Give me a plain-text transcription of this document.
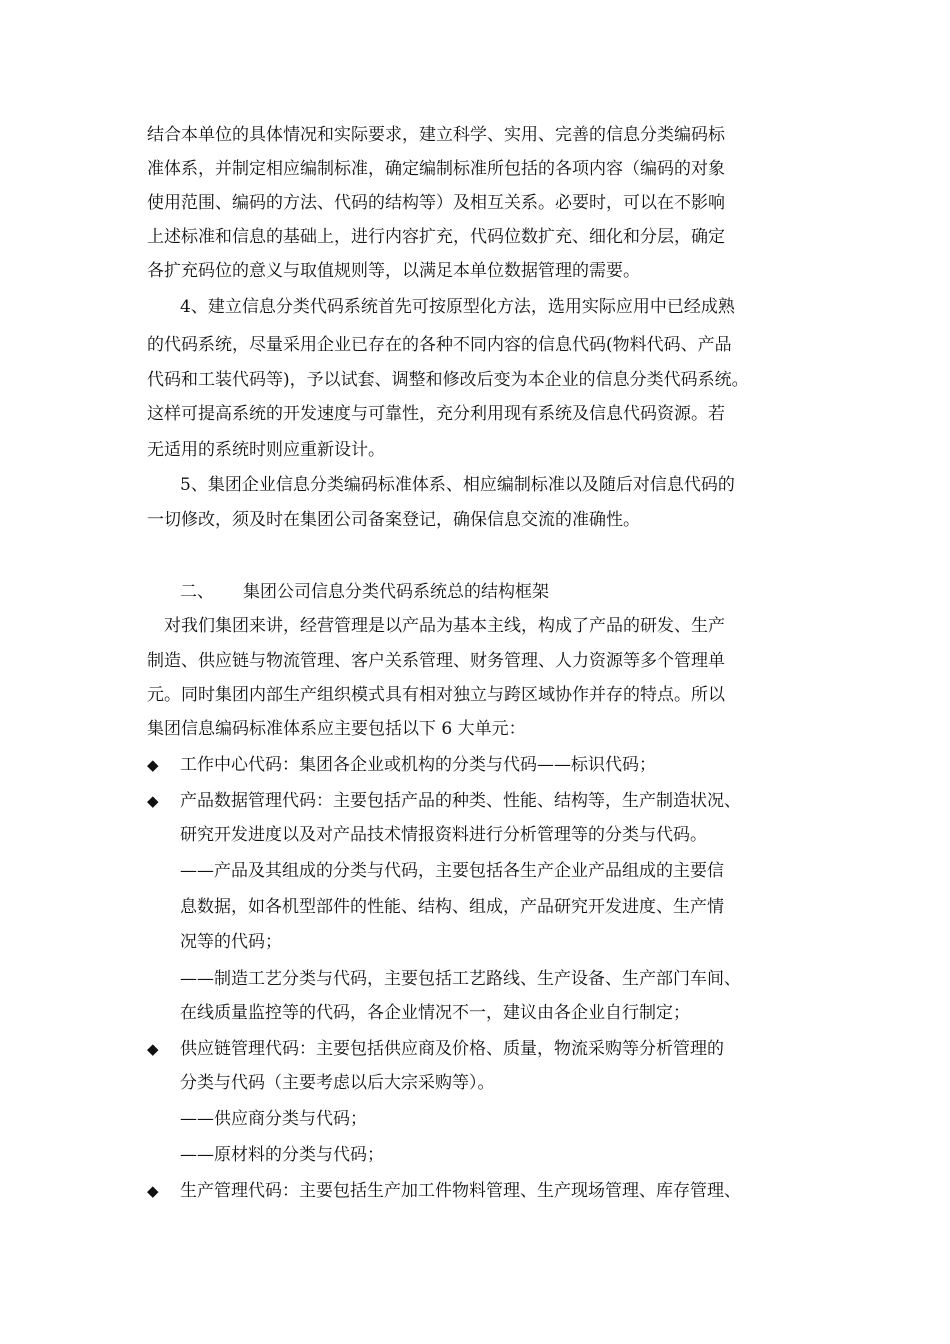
结合本单位的具体情况和实际要求，建立科学、实用、完善的信息分类编码标
准体系，并制定相应编制标准，确定编制标准所包括的各项内容（编码的对象
使用范围、编码的方法、代码的结构等）及相互关系。必要时，可以在不影响
上述标准和信息的基础上，进行内容扩充，代码位数扩充、细化和分层，确定
各扩充码位的意义与取值规则等，以满足本单位数据管理的需要。
4、建立信息分类代码系统首先可按原型化方法，选用实际应用中已经成熟
的代码系统，尽量采用企业已存在的各种不同内容的信息代码(物料代码、产品
代码和工装代码等)，予以试套、调整和修改后变为本企业的信息分类代码系统。
这样可提高系统的开发速度与可靠性，充分利用现有系统及信息代码资源。若
无适用的系统时则应重新设计。
5、集团企业信息分类编码标准体系、相应编制标准以及随后对信息代码的
一切修改，须及时在集团公司备案登记，确保信息交流的准确性。
二、 集团公司信息分类代码系统总的结构框架
对我们集团来讲，经营管理是以产品为基本主线，构成了产品的研发、生产
制造、供应链与物流管理、客户关系管理、财务管理、人力资源等多个管理单
元。同时集团内部生产组织模式具有相对独立与跨区域协作并存的特点。所以
集团信息编码标准体系应主要包括以下 6 大单元：
◆	工作中心代码：集团各企业或机构的分类与代码——标识代码；
◆	产品数据管理代码：主要包括产品的种类、性能、结构等，生产制造状况、
研究开发进度以及对产品技术情报资料进行分析管理等的分类与代码。
——产品及其组成的分类与代码，主要包括各生产企业产品组成的主要信
息数据，如各机型部件的性能、结构、组成，产品研究开发进度、生产情
况等的代码；
——制造工艺分类与代码，主要包括工艺路线、生产设备、生产部门车间、
在线质量监控等的代码，各企业情况不一，建议由各企业自行制定；
◆	供应链管理代码：主要包括供应商及价格、质量，物流采购等分析管理的
分类与代码（主要考虑以后大宗采购等）。
——供应商分类与代码；
——原材料的分类与代码；
◆	生产管理代码：主要包括生产加工件物料管理、生产现场管理、库存管理、
